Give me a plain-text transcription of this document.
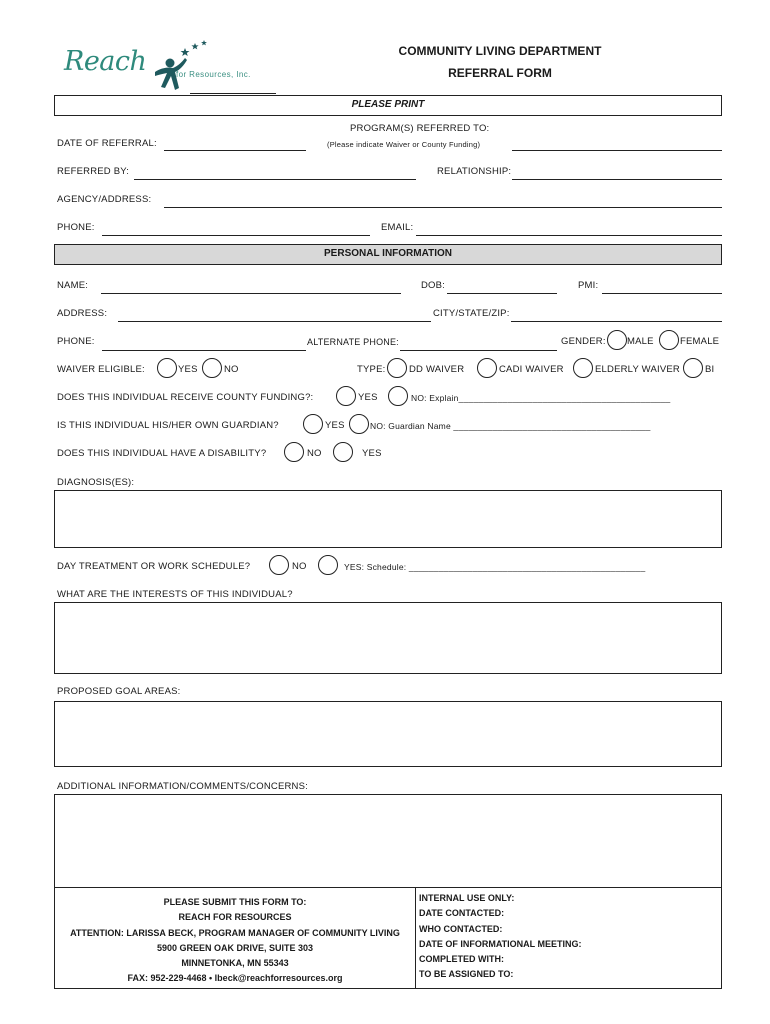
Reach	for Resources, Inc.
COMMUNITY LIVING DEPARTMENT
REFERRAL FORM
PLEASE PRINT
PROGRAM(S) REFERRED TO:
DATE OF REFERRAL:	(Please indicate Waiver or County Funding)
REFERRED BY:	RELATIONSHIP:
AGENCY/ADDRESS:
PHONE:	EMAIL:
PERSONAL INFORMATION
NAME:	DOB:	PMI:
ADDRESS:	CITY/STATE/ZIP:
PHONE:	ALTERNATE PHONE:	GENDER: MALE	FEMALE
WAIVER ELIGIBLE:	YES	NO	TYPE: DD WAIVER	CADI WAIVER	ELDERLY WAIVER	BI
DOES THIS INDIVIDUAL RECEIVE COUNTY FUNDING?:	YES	NO: Explain___________________________________________
IS THIS INDIVIDUAL HIS/HER OWN GUARDIAN?	YES	NO: Guardian Name ________________________________________
DOES THIS INDIVIDUAL HAVE A DISABILITY?	NO	YES
DIAGNOSIS(ES):
DAY TREATMENT OR WORK SCHEDULE?	NO	YES: Schedule: ________________________________________________
WHAT ARE THE INTERESTS OF THIS INDIVIDUAL?
PROPOSED GOAL AREAS:
ADDITIONAL INFORMATION/COMMENTS/CONCERNS:
PLEASE SUBMIT THIS FORM TO:
REACH FOR RESOURCES
ATTENTION: LARISSA BECK, PROGRAM MANAGER OF COMMUNITY LIVING
5900 GREEN OAK DRIVE, SUITE 303
MINNETONKA, MN 55343
FAX: 952-229-4468 • lbeck@reachforresources.org
INTERNAL USE ONLY:
DATE CONTACTED:
WHO CONTACTED:
DATE OF INFORMATIONAL MEETING:
COMPLETED WITH:
TO BE ASSIGNED TO:
